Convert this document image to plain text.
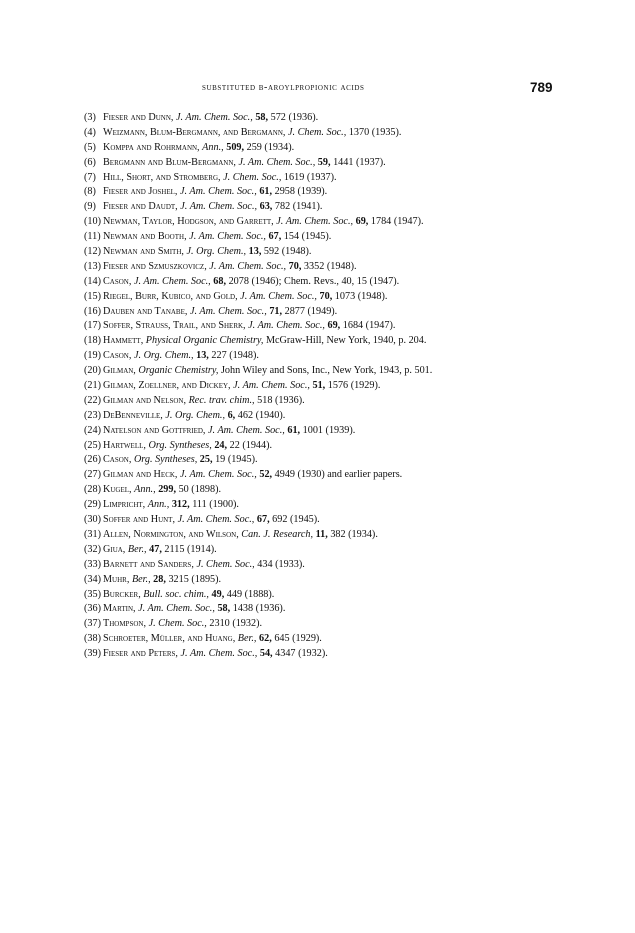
substituted β-aroylpropionic acids	789
(3) Fieser and Dunn, J. Am. Chem. Soc., 58, 572 (1936).
(4) Weizmann, Blum-Bergmann, and Bergmann, J. Chem. Soc., 1370 (1935).
(5) Komppa and Rohrmann, Ann., 509, 259 (1934).
(6) Bergmann and Blum-Bergmann, J. Am. Chem. Soc., 59, 1441 (1937).
(7) Hill, Short, and Stromberg, J. Chem. Soc., 1619 (1937).
(8) Fieser and Joshel, J. Am. Chem. Soc., 61, 2958 (1939).
(9) Fieser and Daudt, J. Am. Chem. Soc., 63, 782 (1941).
(10) Newman, Taylor, Hodgson, and Garrett, J. Am. Chem. Soc., 69, 1784 (1947).
(11) Newman and Booth, J. Am. Chem. Soc., 67, 154 (1945).
(12) Newman and Smith, J. Org. Chem., 13, 592 (1948).
(13) Fieser and Szmuszkovicz, J. Am. Chem. Soc., 70, 3352 (1948).
(14) Cason, J. Am. Chem. Soc., 68, 2078 (1946); Chem. Revs., 40, 15 (1947).
(15) Riegel, Burr, Kubico, and Gold, J. Am. Chem. Soc., 70, 1073 (1948).
(16) Dauben and Tanabe, J. Am. Chem. Soc., 71, 2877 (1949).
(17) Soffer, Strauss, Trail, and Sherk, J. Am. Chem. Soc., 69, 1684 (1947).
(18) Hammett, Physical Organic Chemistry, McGraw-Hill, New York, 1940, p. 204.
(19) Cason, J. Org. Chem., 13, 227 (1948).
(20) Gilman, Organic Chemistry, John Wiley and Sons, Inc., New York, 1943, p. 501.
(21) Gilman, Zoellner, and Dickey, J. Am. Chem. Soc., 51, 1576 (1929).
(22) Gilman and Nelson, Rec. trav. chim., 518 (1936).
(23) DeBenneville, J. Org. Chem., 6, 462 (1940).
(24) Natelson and Gottfried, J. Am. Chem. Soc., 61, 1001 (1939).
(25) Hartwell, Org. Syntheses, 24, 22 (1944).
(26) Cason, Org. Syntheses, 25, 19 (1945).
(27) Gilman and Heck, J. Am. Chem. Soc., 52, 4949 (1930) and earlier papers.
(28) Kugel, Ann., 299, 50 (1898).
(29) Limpricht, Ann., 312, 111 (1900).
(30) Soffer and Hunt, J. Am. Chem. Soc., 67, 692 (1945).
(31) Allen, Normington, and Wilson, Can. J. Research, 11, 382 (1934).
(32) Giua, Ber., 47, 2115 (1914).
(33) Barnett and Sanders, J. Chem. Soc., 434 (1933).
(34) Muhr, Ber., 28, 3215 (1895).
(35) Burcker, Bull. soc. chim., 49, 449 (1888).
(36) Martin, J. Am. Chem. Soc., 58, 1438 (1936).
(37) Thompson, J. Chem. Soc., 2310 (1932).
(38) Schroeter, Müller, and Huang, Ber., 62, 645 (1929).
(39) Fieser and Peters, J. Am. Chem. Soc., 54, 4347 (1932).
